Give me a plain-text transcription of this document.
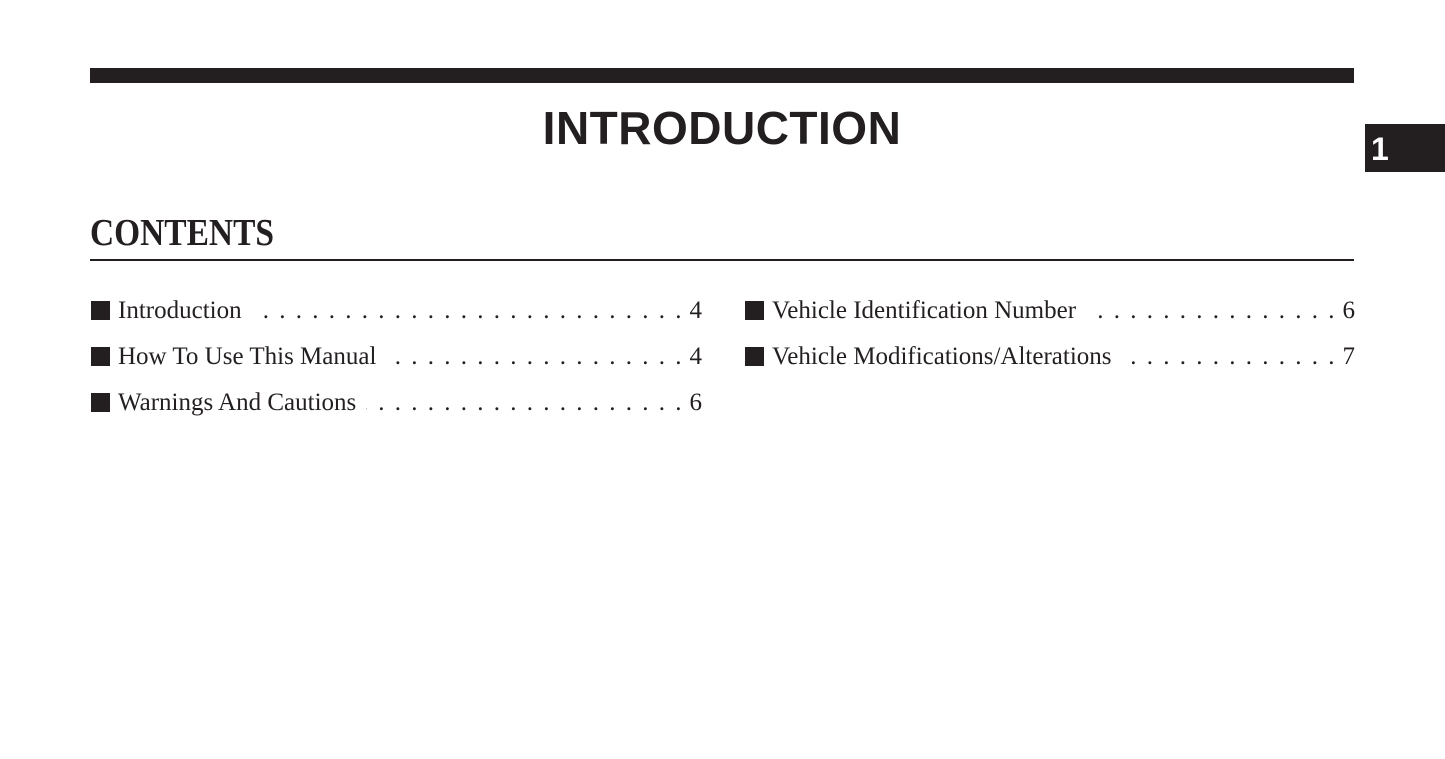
INTRODUCTION	1
CONTENTS
Introduction . . .	4
How To Use This Manual . . .	4
Warnings And Cautions . . .	6
Vehicle Identification Number . . .	6
Vehicle Modifications/Alterations . . .	7
